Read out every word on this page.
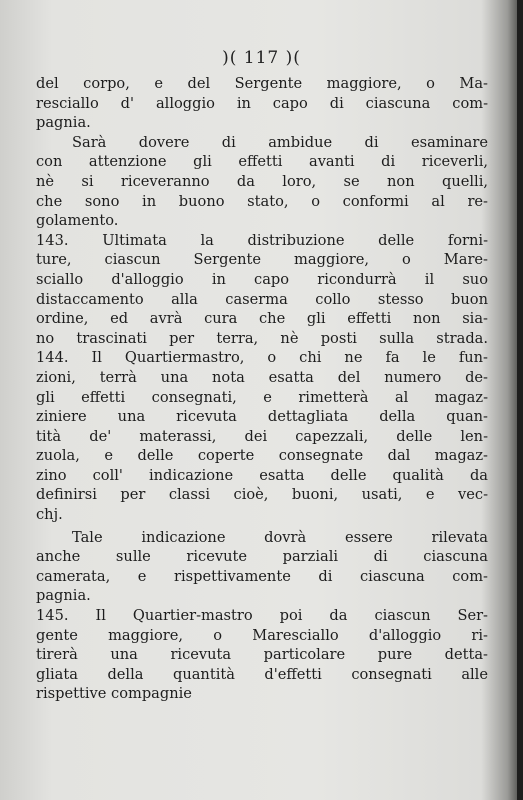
)( 117 )(
del corpo, e del Sergente maggiore, o Ma-
resciallo d' alloggio in capo di ciascuna com-
pagnia.
Sarà dovere di ambidue di esaminare
con attenzione gli effetti avanti di riceverli,
nè si riceveranno da loro, se non quelli,
che sono in buono stato, o conformi al re-
golamento.
143. Ultimata la distribuzione delle forni-
ture, ciascun Sergente maggiore, o Mare-
sciallo d'alloggio in capo ricondurrà il suo
distaccamento alla caserma collo stesso buon
ordine, ed avrà cura che gli effetti non sia-
no trascinati per terra, nè posti sulla strada.
144. Il Quartiermastro, o chi ne fa le fun-
zioni, terrà una nota esatta del numero de-
gli effetti consegnati, e rimetterà al magaz-
ziniere una ricevuta dettagliata della quan-
tità de' materassi, dei capezzali, delle len-
zuola, e delle coperte consegnate dal magaz-
zino coll' indicazione esatta delle qualità da
definirsi per classi cioè, buoni, usati, e vec-
chj.
Tale indicazione dovrà essere rilevata
anche sulle ricevute parziali di ciascuna
camerata, e rispettivamente di ciascuna com-
pagnia.
145. Il Quartier-mastro poi da ciascun Ser-
gente maggiore, o Maresciallo d'alloggio ri-
tirerà una ricevuta particolare pure detta-
gliata della quantità d'effetti consegnati alle
rispettive compagnie
